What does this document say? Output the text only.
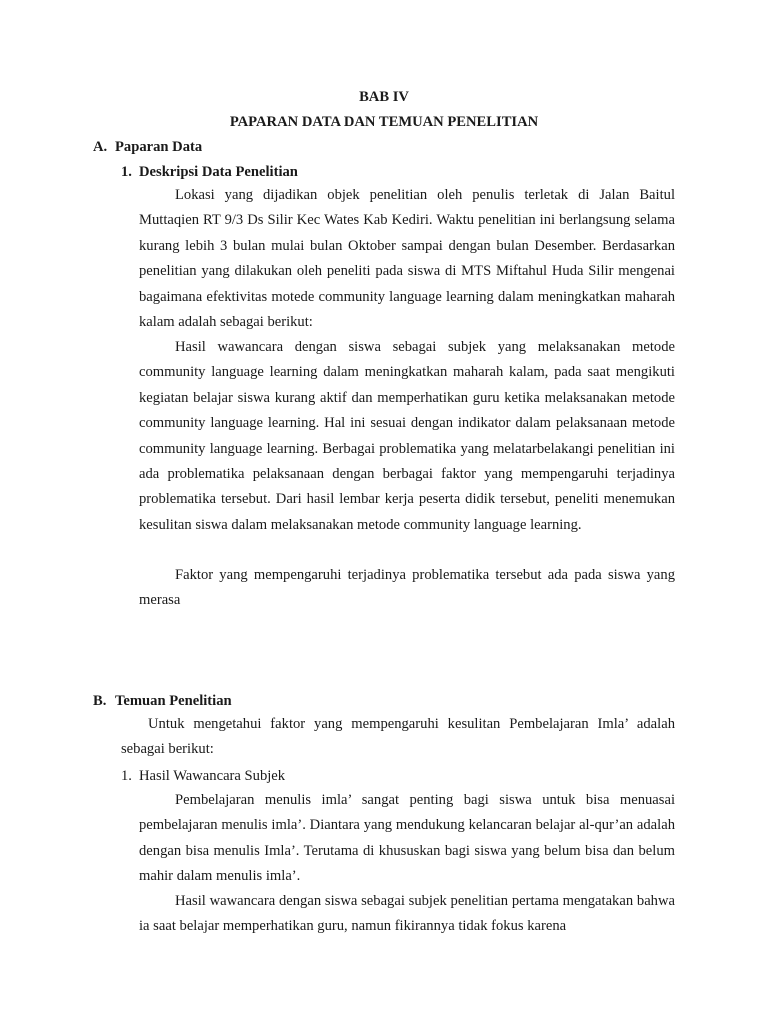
BAB IV

PAPARAN DATA DAN TEMUAN PENELITIAN

A. Paparan Data
1. Deskripsi Data Penelitian

Lokasi yang dijadikan objek penelitian oleh penulis terletak di Jalan Baitul Muttaqien RT 9/3 Ds Silir Kec Wates Kab Kediri. Waktu penelitian ini berlangsung selama kurang lebih 3 bulan mulai bulan Oktober sampai dengan bulan Desember. Berdasarkan penelitian yang dilakukan oleh peneliti pada siswa di MTS Miftahul Huda Silir mengenai bagaimana efektivitas motede community language learning dalam meningkatkan maharah kalam adalah sebagai berikut:

Hasil wawancara dengan siswa sebagai subjek yang melaksanakan metode community language learning dalam meningkatkan maharah kalam, pada saat mengikuti kegiatan belajar siswa kurang aktif dan memperhatikan guru ketika melaksanakan metode community language learning. Hal ini sesuai dengan indikator dalam pelaksanaan metode community language learning. Berbagai problematika yang melatarbelakangi penelitian ini ada problematika pelaksanaan dengan berbagai faktor yang mempengaruhi terjadinya problematika tersebut. Dari hasil lembar kerja peserta didik tersebut, peneliti menemukan kesulitan siswa dalam melaksanakan metode community language learning.

Faktor yang mempengaruhi terjadinya problematika tersebut ada pada siswa yang merasa

B. Temuan Penelitian

Untuk mengetahui faktor yang mempengaruhi kesulitan Pembelajaran Imla’ adalah sebagai berikut:

1. Hasil Wawancara Subjek

Pembelajaran menulis imla’ sangat penting bagi siswa untuk bisa menuasai pembelajaran menulis imla’. Diantara yang mendukung kelancaran belajar al-qur’an adalah dengan bisa menulis Imla’. Terutama di khususkan bagi siswa yang belum bisa dan belum mahir dalam menulis imla’.

Hasil wawancara dengan siswa sebagai subjek penelitian pertama mengatakan bahwa ia saat belajar memperhatikan guru, namun fikirannya tidak fokus karena
